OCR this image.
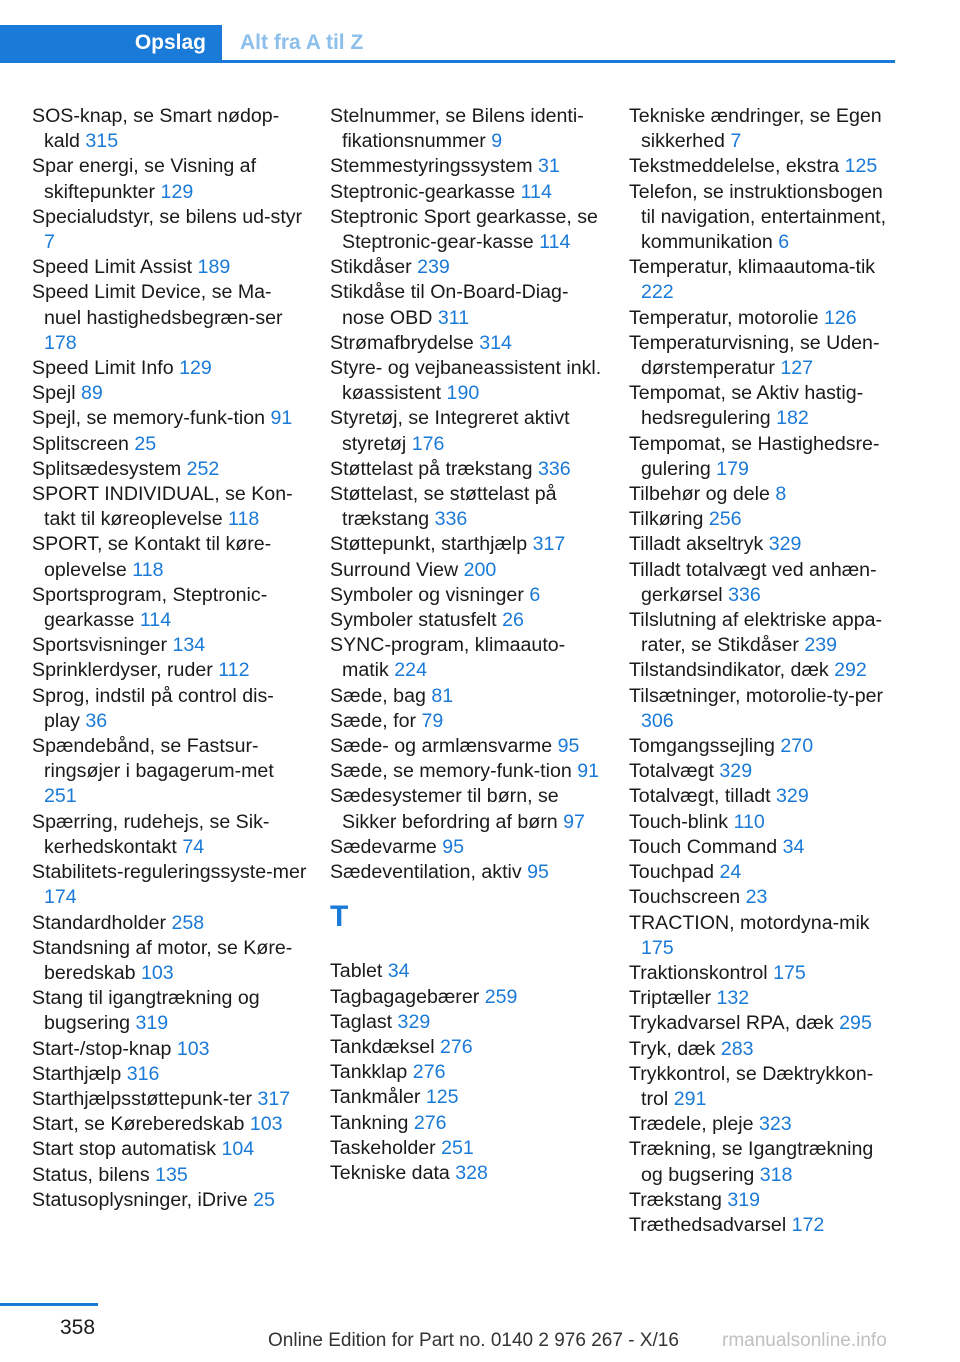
Opslag	Alt fra A til Z
SOS-knap, se Smart nødop-kald 315
Spar energi, se Visning af skiftepunkter 129
Specialudstyr, se bilens ud-styr 7
Speed Limit Assist 189
Speed Limit Device, se Ma-nuel hastighedsbegræn-ser 178
Speed Limit Info 129
Spejl 89
Spejl, se memory-funk-tion 91
Splitscreen 25
Splitsædesystem 252
SPORT INDIVIDUAL, se Kon-takt til køreoplevelse 118
SPORT, se Kontakt til køre-oplevelse 118
Sportsprogram, Steptronic-gearkasse 114
Sportsvisninger 134
Sprinklerdyser, ruder 112
Sprog, indstil på control dis-play 36
Spændebånd, se Fastsur-ringsøjer i bagagerum-met 251
Spærring, rudehejs, se Sik-kerhedskontakt 74
Stabilitets-reguleringssyste-mer 174
Standardholder 258
Standsning af motor, se Køre-beredskab 103
Stang til igangtrækning og bugsering 319
Start-/stop-knap 103
Starthjælp 316
Starthjælpsstøttepunk-ter 317
Start, se Køreberedskab 103
Start stop automatisk 104
Status, bilens 135
Statusoplysninger, iDrive 25
Stelnummer, se Bilens identi-fikationsnummer 9
Stemmestyringssystem 31
Steptronic-gearkasse 114
Steptronic Sport gearkasse, se Steptronic-gear-kasse 114
Stikdåser 239
Stikdåse til On-Board-Diag-nose OBD 311
Strømafbrydelse 314
Styre- og vejbaneassistent inkl. køassistent 190
Styretøj, se Integreret aktivt styretøj 176
Støttelast på trækstang 336
Støttelast, se støttelast på trækstang 336
Støttepunkt, starthjælp 317
Surround View 200
Symboler og visninger 6
Symboler statusfelt 26
SYNC-program, klimaauto-matik 224
Sæde, bag 81
Sæde, for 79
Sæde- og armlænsvarme 95
Sæde, se memory-funk-tion 91
Sædesystemer til børn, se Sikker befordring af børn 97
Sædevarme 95
Sædeventilation, aktiv 95
T
Tablet 34
Tagbagagebærer 259
Taglast 329
Tankdæksel 276
Tankklap 276
Tankmåler 125
Tankning 276
Taskeholder 251
Tekniske data 328
Tekniske ændringer, se Egen sikkerhed 7
Tekstmeddelelse, ekstra 125
Telefon, se instruktionsbogen til navigation, entertainment, kommunikation 6
Temperatur, klimaautoma-tik 222
Temperatur, motorolie 126
Temperaturvisning, se Uden-dørstemperatur 127
Tempomat, se Aktiv hastig-hedsregulering 182
Tempomat, se Hastighedsre-gulering 179
Tilbehør og dele 8
Tilkøring 256
Tilladt akseltryk 329
Tilladt totalvægt ved anhæn-gerkørsel 336
Tilslutning af elektriske appa-rater, se Stikdåser 239
Tilstandsindikator, dæk 292
Tilsætninger, motorolie-ty-per 306
Tomgangssejling 270
Totalvægt 329
Totalvægt, tilladt 329
Touch-blink 110
Touch Command 34
Touchpad 24
Touchscreen 23
TRACTION, motordyna-mik 175
Traktionskontrol 175
Triptæller 132
Trykadvarsel RPA, dæk 295
Tryk, dæk 283
Trykkontrol, se Dæktrykkon-trol 291
Trædele, pleje 323
Trækning, se Igangtrækning og bugsering 318
Trækstang 319
Træthedsadvarsel 172
358
Online Edition for Part no. 0140 2 976 267 - X/16 rmanualsonline.info
